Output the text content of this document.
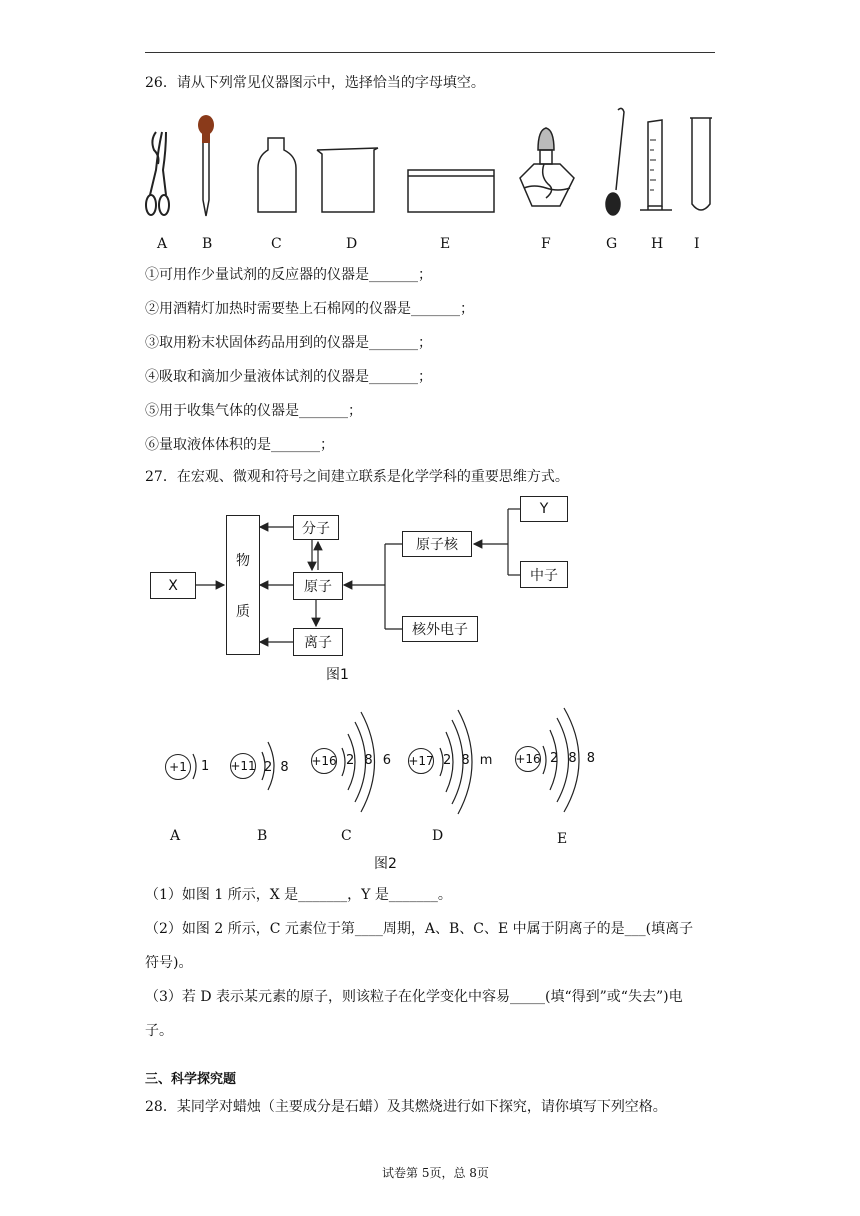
26．请从下列常见仪器图示中，选择恰当的字母填空。
A B	C	D	E	F	G H I
①可用作少量试剂的反应器的仪器是_______；
②用酒精灯加热时需要垫上石棉网的仪器是_______；
③取用粉末状固体药品用到的仪器是_______；
④吸取和滴加少量液体试剂的仪器是_______；
⑤用于收集气体的仪器是_______；
⑥量取液体体积的是_______；
27．在宏观、微观和符号之间建立联系是化学学科的重要思维方式。
X
物
质
分子
原子
离子
原子核
核外电子
Y
中子
图1
+1	1
A
+11 2 8
B
+16 2 8 6
C
+17 2 8 m
D
+16 2 8 8
E
图2
（1）如图 1 所示，X 是_______，Y 是_______。
（2）如图 2 所示，C 元素位于第____周期，A、B、C、E 中属于阴离子的是___(填离子
符号)。
（3）若 D 表示某元素的原子，则该粒子在化学变化中容易_____(填“得到”或“失去”)电
子。
三、科学探究题
28．某同学对蜡烛（主要成分是石蜡）及其燃烧进行如下探究，请你填写下列空格。
试卷第 5页，总 8页
